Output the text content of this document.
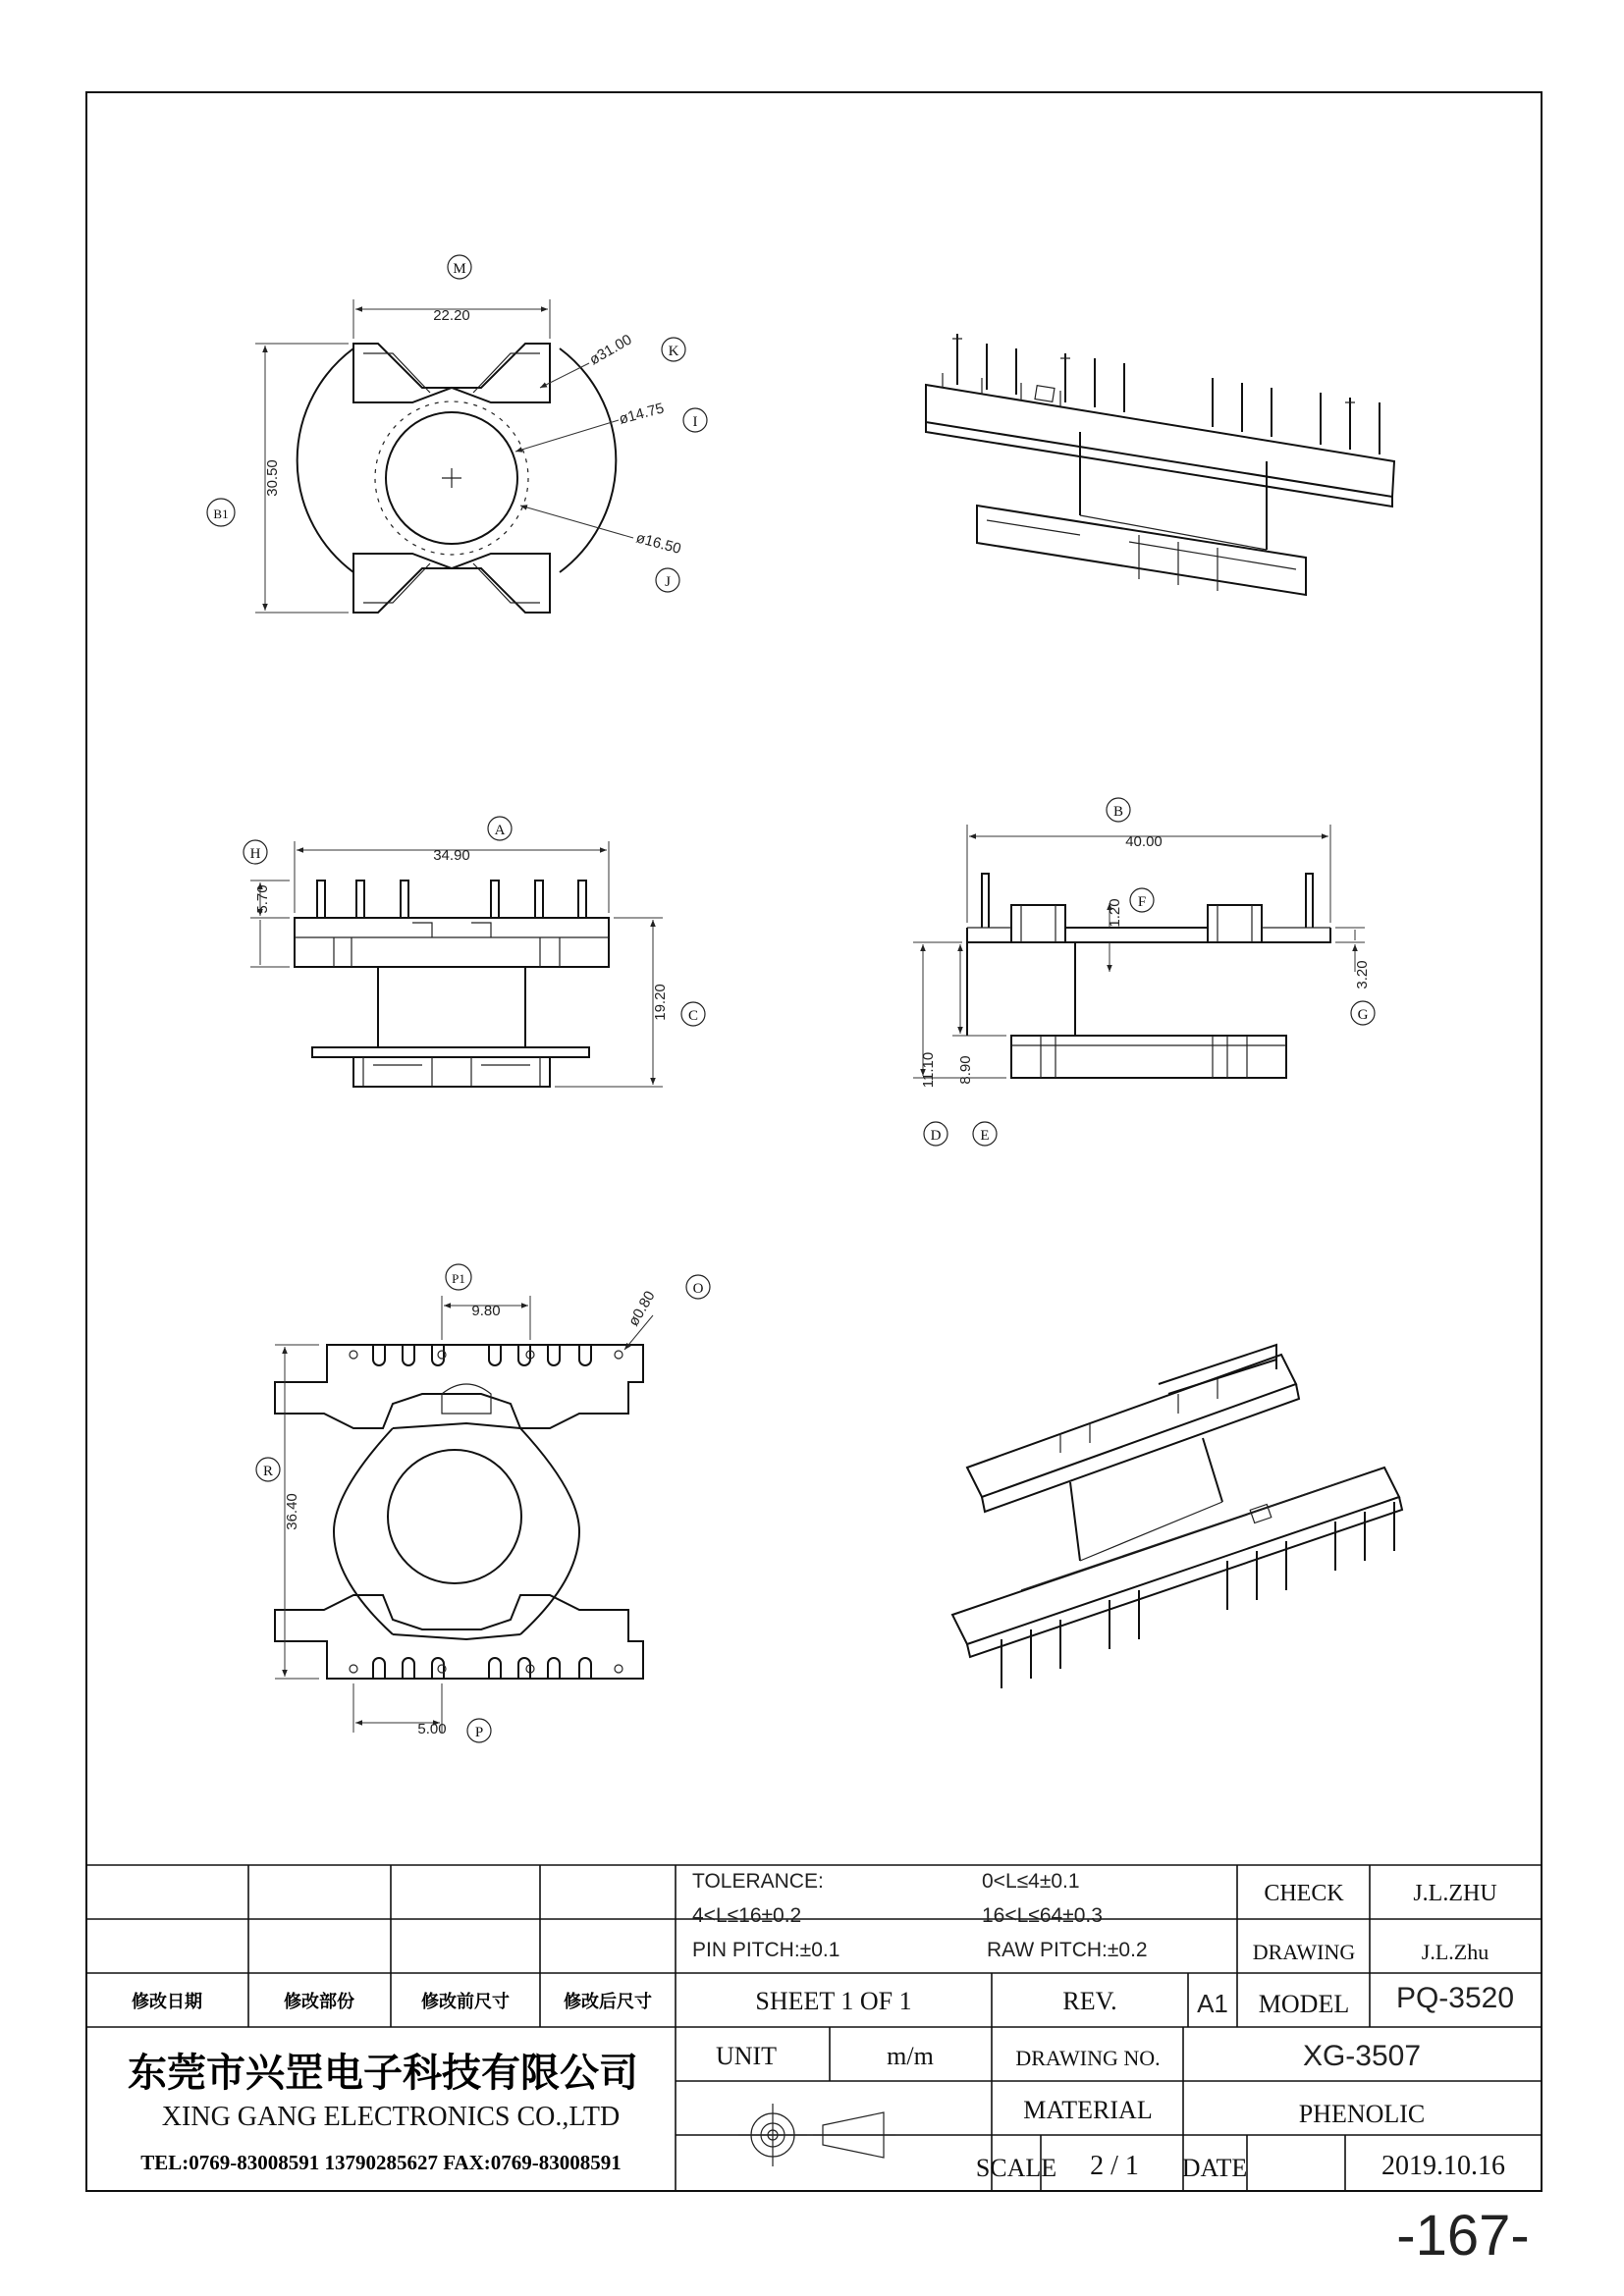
22.20
30.50
ø31.00
ø14.75
ø16.50
M
K
I
J
B1
34.90
5.70
19.20
A
H
C
40.00
1.20
3.20
11.10 8.90
B
F
G
D	E
9.80	ø0.80
36.40
5.00
P1
O
R
P
修改日期	修改部份	修改前尺寸	修改后尺寸
TOLERANCE:	0<L≤4±0.1
4<L≤16±0.2	16<L≤64±0.3
PIN PITCH:±0.1	RAW PITCH:±0.2
CHECK	J.L.ZHU
DRAWING	J.L.Zhu
SHEET 1 OF 1	REV.	A1 MODEL PQ-3520
东莞市兴罡电子科技有限公司
XING GANG ELECTRONICS CO.,LTD
TEL:0769-83008591 13790285627 FAX:0769-83008591
UNIT	m/m	DRAWING NO.	XG-3507
MATERIAL	PHENOLIC
SCALE 2 / 1 DATE	2019.10.16
-167-
